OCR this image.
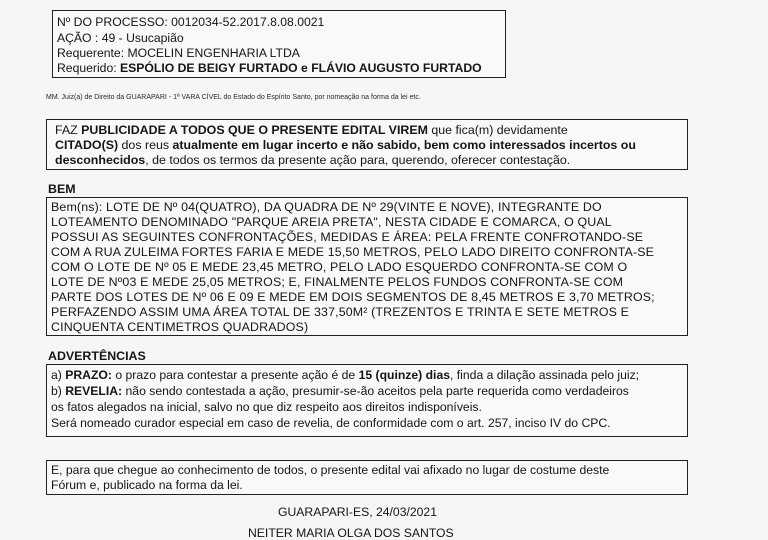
Nº DO PROCESSO: 0012034-52.2017.8.08.0021
AÇÃO : 49 - Usucapião
Requerente: MOCELIN ENGENHARIA LTDA
Requerido: ESPÓLIO DE BEIGY FURTADO e FLÁVIO AUGUSTO FURTADO
MM. Juiz(a) de Direito da GUARAPARI - 1ª VARA CÍVEL do Estado do Espírito Santo, por nomeação na forma da lei etc.
FAZ PUBLICIDADE A TODOS QUE O PRESENTE EDITAL VIREM que fica(m) devidamente
CITADO(S) dos reus atualmente em lugar incerto e não sabido, bem como interessados incertos ou
desconhecidos, de todos os termos da presente ação para, querendo, oferecer contestação.
BEM
Bem(ns): LOTE DE Nº 04(QUATRO), DA QUADRA DE Nº 29(VINTE E NOVE), INTEGRANTE DO
LOTEAMENTO DENOMINADO "PARQUE AREIA PRETA", NESTA CIDADE E COMARCA, O QUAL
POSSUI AS SEGUINTES CONFRONTAÇÕES, MEDIDAS E ÁREA: PELA FRENTE CONFROTANDO-SE
COM A RUA ZULEIMA FORTES FARIA E MEDE 15,50 METROS, PELO LADO DIREITO CONFRONTA-SE
COM O LOTE DE Nº 05 E MEDE 23,45 METRO, PELO LADO ESQUERDO CONFRONTA-SE COM O
LOTE DE Nº03 E MEDE 25,05 METROS; E, FINALMENTE PELOS FUNDOS CONFRONTA-SE COM
PARTE DOS LOTES DE Nº 06 E 09 E MEDE EM DOIS SEGMENTOS DE 8,45 METROS E 3,70 METROS;
PERFAZENDO ASSIM UMA ÁREA TOTAL DE 337,50M² (TREZENTOS E TRINTA E SETE METROS E
CINQUENTA CENTIMETROS QUADRADOS)
ADVERTÊNCIAS
a) PRAZO: o prazo para contestar a presente ação é de 15 (quinze) dias, finda a dilação assinada pelo juiz;
b) REVELIA: não sendo contestada a ação, presumir-se-ão aceitos pela parte requerida como verdadeiros
os fatos alegados na inicial, salvo no que diz respeito aos direitos indisponíveis.
Será nomeado curador especial em caso de revelia, de conformidade com o art. 257, inciso IV do CPC.
E, para que chegue ao conhecimento de todos, o presente edital vai afixado no lugar de costume deste
Fórum e, publicado na forma da lei.
GUARAPARI-ES, 24/03/2021
NEITER MARIA OLGA DOS SANTOS
